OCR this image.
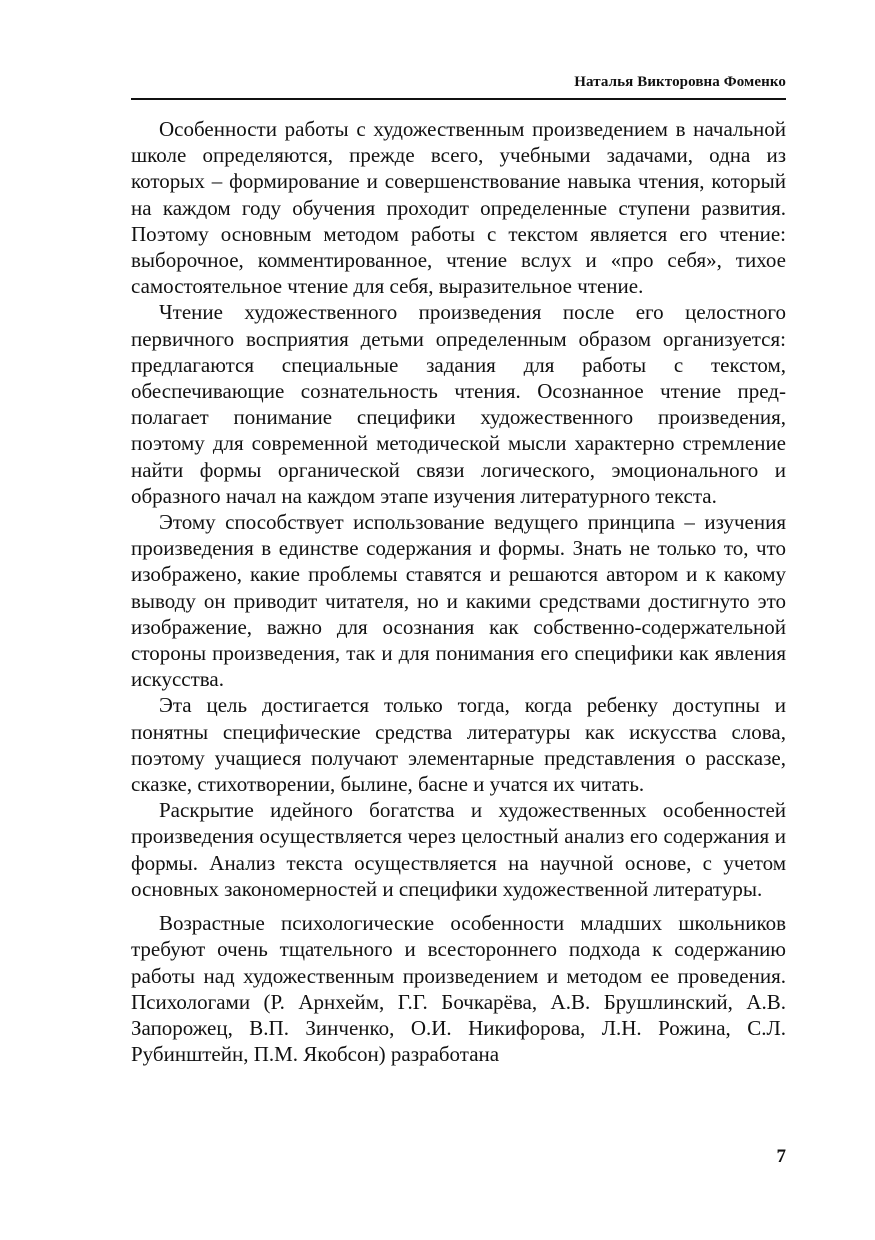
Наталья Викторовна Фоменко

Особенности работы с художественным произведением в начальной школе определяются, прежде всего, учебными задачами, одна из которых – формирование и совершенствование навыка чтения, который на каждом году обучения проходит определенные ступени развития. Поэтому основным методом работы с текстом является его чтение: выборочное, комментированное, чтение вслух и «про себя», тихое самостоятельное чтение для себя, выразительное чтение.

Чтение художественного произведения после его целостного первичного восприятия детьми определенным образом организуется: предлагаются специальные задания для работы с текстом, обеспечивающие сознательность чтения. Осознанное чтение предполагает понимание специфики художественного произведения, поэтому для современной методической мысли характерно стремление найти формы органической связи логического, эмоционального и образного начал на каждом этапе изучения литературного текста.

Этому способствует использование ведущего принципа – изучения произведения в единстве содержания и формы. Знать не только то, что изображено, какие проблемы ставятся и решаются автором и к какому выводу он приводит читателя, но и какими средствами достигнуто это изображение, важно для осознания как собственно-содержательной стороны произведения, так и для понимания его специфики как явления искусства.

Эта цель достигается только тогда, когда ребенку доступны и понятны специфические средства литературы как искусства слова, поэтому учащиеся получают элементарные представления о рассказе, сказке, стихотворении, былине, басне и учатся их читать.

Раскрытие идейного богатства и художественных особенностей произведения осуществляется через целостный анализ его содержания и формы. Анализ текста осуществляется на научной основе, с учетом основных закономерностей и специфики художественной литературы.

Возрастные психологические особенности младших школьников требуют очень тщательного и всестороннего подхода к содержанию работы над художественным произведением и методом ее проведения. Психологами (Р. Арнхейм, Г.Г. Бочкарёва, А.В. Брушлинский, А.В. Запорожец, В.П. Зинченко, О.И. Никифорова, Л.Н. Рожина, С.Л. Рубинштейн, П.М. Якобсон) разработана

7
